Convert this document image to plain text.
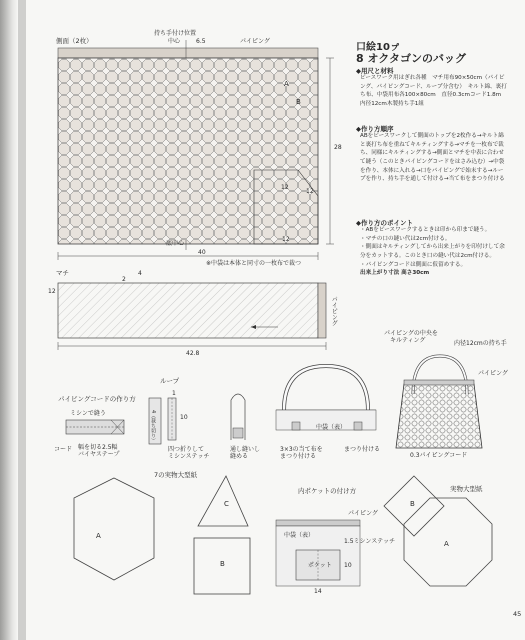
側面（2枚）
持ち手付け位置
中心	6.5	パイピング
A
B
12
12
12
28
40
底中心
※中袋は本体と同寸の一枚布で裁つ
マチ	4
2
12
パイピング
42.8
口絵10ㇷ゚
8 オクタゴンのバッグ
◆用尺と材料
ピースワーク用はぎれ各種　マチ用布90×50cm（パイピング、パイピングコード、ループ分含む）　キルト綿、裏打ち布、中袋用布各100×80cm　直径0.3cmコード1.8m　内径12cm木製持ち手1組
◆作り方順序
ABをピースワークして側面のトップを2枚作る→キルト綿と裏打ち布を重ねてキルティングする→マチを一枚布で裁ち、同様にキルティングする→側面とマチを中表に合わせて縫う（このときパイピングコードをはさみ込む）→中袋を作り、本体に入れる→口をパイピングで始末する→ループを作り、持ち手を通して付ける→当て布をまつり付ける
◆作り方のポイント
・ABをピースワークするときは印から印まで縫う。
・マチの口の縫い代は2cm付ける。
・側面はキルティングしてから出来上がりを印付けして余分をカットする。このとき口の縫い代は2cm付ける。
・パイピングコードは側面に仮留めする。
出来上がり寸法 高さ30cm
パイピングコードの作り方
ミシンで縫う
コード 幅を切る2.5幅
バイヤステープ
ループ
4（裁ち切り）	10
1
四つ折りして
ミシンステッチ
通し縫いし
縫める
中袋（表）
3×3の当て布を
まつり付ける
まつり付ける
パイピングの中央を
キルティング	内径12cmの持ち手
パイピング
0.3パイピングコード
7の実物大型紙
A
C
B
内ポケットの付け方
パイピング
中袋（表）
1.5ミシンステッチ
ポケット
14
10
実物大型紙
B
A
45
